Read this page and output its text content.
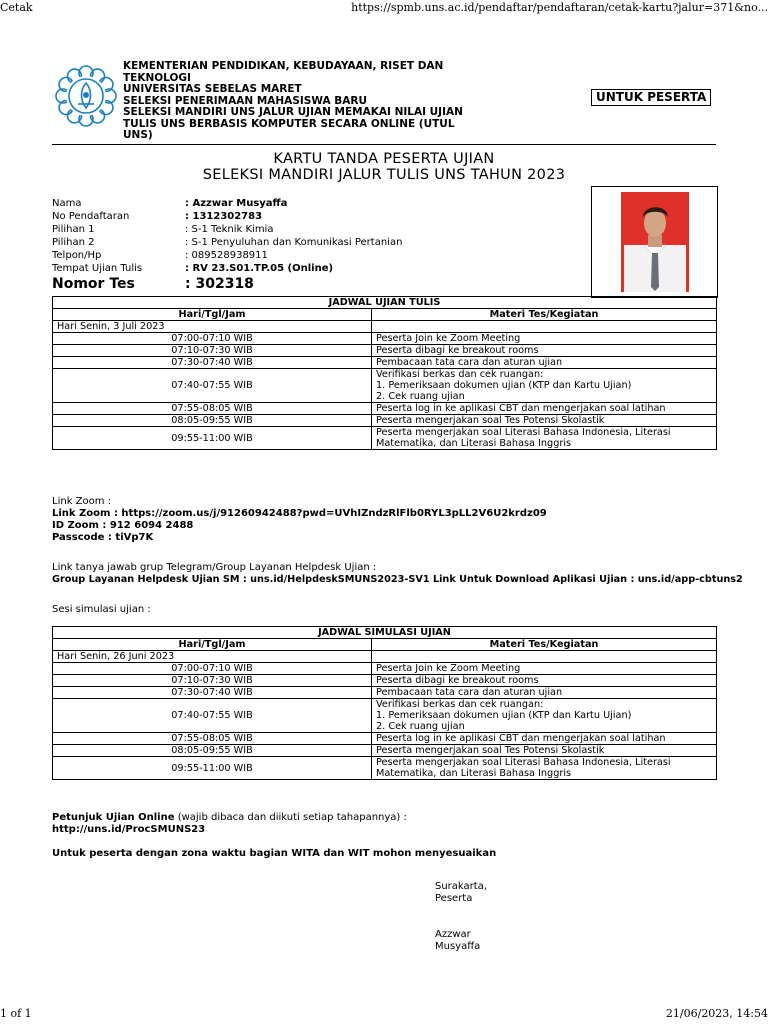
Cetak	https://spmb.uns.ac.id/pendaftar/pendaftaran/cetak-kartu?jalur=371&no...
KEMENTERIAN PENDIDIKAN, KEBUDAYAAN, RISET DAN
TEKNOLOGI
UNIVERSITAS SEBELAS MARET
SELEKSI PENERIMAAN MAHASISWA BARU
SELEKSI MANDIRI UNS JALUR UJIAN MEMAKAI NILAI UJIAN
TULIS UNS BERBASIS KOMPUTER SECARA ONLINE (UTUL UNS)
UNTUK PESERTA
KARTU TANDA PESERTA UJIAN
SELEKSI MANDIRI JALUR TULIS UNS TAHUN 2023
Nama	: Azzwar Musyaffa
No Pendaftaran	: 1312302783
Pilihan 1	: S-1 Teknik Kimia
Pilihan 2	: S-1 Penyuluhan dan Komunikasi Pertanian
Telpon/Hp	: 089528938911
Tempat Ujian Tulis	: RV 23.S01.TP.05 (Online)
Nomor Tes	: 302318
JADWAL UJIAN TULIS	
Hari/Tgl/Jam	Materi Tes/Kegiatan
Hari Senin, 3 Juli 2023	
07:00-07:10 WIB	Peserta Join ke Zoom Meeting

07:10-07:30 WIB	Peserta dibagi ke breakout rooms

07:30-07:40 WIB	Pembacaan tata cara dan aturan ujian

07:40-07:55 WIB	Verifikasi berkas dan cek ruangan:
1. Pemeriksaan dokumen ujian (KTP dan Kartu Ujian)
2. Cek ruang ujian

07:55-08:05 WIB	Peserta log in ke aplikasi CBT dan mengerjakan soal latihan

08:05-09:55 WIB	Peserta mengerjakan soal Tes Potensi Skolastik

09:55-11:00 WIB	Peserta mengerjakan soal Literasi Bahasa Indonesia, Literasi
Matematika, dan Literasi Bahasa Inggris
Link Zoom :
Link Zoom : https://zoom.us/j/91260942488?pwd=UVhIZndzRlFlb0RYL3pLL2V6U2krdz09
ID Zoom : 912 6094 2488
Passcode : tiVp7K
Link tanya jawab grup Telegram/Group Layanan Helpdesk Ujian :
Group Layanan Helpdesk Ujian SM : uns.id/HelpdeskSMUNS2023-SV1 Link Untuk Download Aplikasi Ujian : uns.id/app-cbtuns2
Sesi simulasi ujian :
JADWAL SIMULASI UJIAN	
Hari/Tgl/Jam	Materi Tes/Kegiatan
Hari Senin, 26 Juni 2023	
07:00-07:10 WIB	Peserta Join ke Zoom Meeting

07:10-07:30 WIB	Peserta dibagi ke breakout rooms

07:30-07:40 WIB	Pembacaan tata cara dan aturan ujian

07:40-07:55 WIB	Verifikasi berkas dan cek ruangan:
1. Pemeriksaan dokumen ujian (KTP dan Kartu Ujian)
2. Cek ruang ujian

07:55-08:05 WIB	Peserta log in ke aplikasi CBT dan mengerjakan soal latihan

08:05-09:55 WIB	Peserta mengerjakan soal Tes Potensi Skolastik

09:55-11:00 WIB	Peserta mengerjakan soal Literasi Bahasa Indonesia, Literasi
Matematika, dan Literasi Bahasa Inggris
Petunjuk Ujian Online (wajib dibaca dan diikuti setiap tahapannya) :
http://uns.id/ProcSMUNS23
Untuk peserta dengan zona waktu bagian WITA dan WIT mohon menyesuaikan
Surakarta,
Peserta
Azzwar
Musyaffa
1 of 1	21/06/2023, 14:54
